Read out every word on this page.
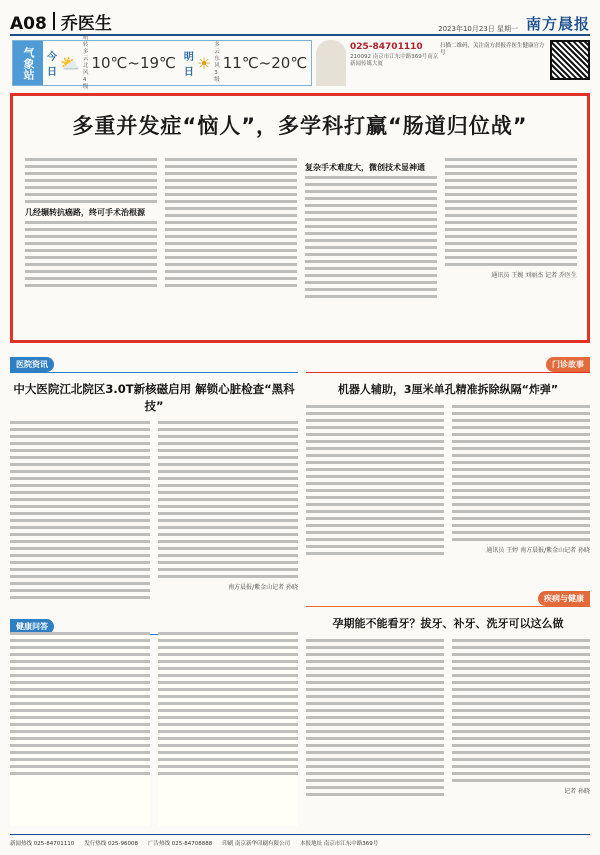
A08 乔医生	2023年10月23日 星期一 南方晨报
气象站	今日 ⛅
晴转多云 北风4级
10℃~19℃ 明日 ☀
多云 东风3级
11℃~20℃
025-84701110
210092 南京市江东中路369号南京新闻传媒大厦
扫描二维码，关注南方晨报乔医生健康官方号
多重并发症“恼人”，多学科打赢“肠道归位战”
几经辗转抗癌路，终可手术治根源
复杂手术难度大，微创技术显神通
通讯员 王婉 刘丽杰 记者 乔医生
医院资讯
中大医院江北院区3.0T新核磁启用 解锁心脏检查“黑科技”
南方晨报/紫金山记者 孙晓
门诊故事
机器人辅助，3厘米单孔精准拆除纵隔“炸弹”
通讯员 王婷 南方晨报/紫金山记者 孙晓
健康问答
疾病与健康
孕期能不能看牙？拔牙、补牙、洗牙可以这么做
记者 孙晓
新闻热线 025-84701110 发行热线 025-96008 广告热线 025-84708888 印刷 南京新华印刷有限公司 本报地址 南京市江东中路369号
